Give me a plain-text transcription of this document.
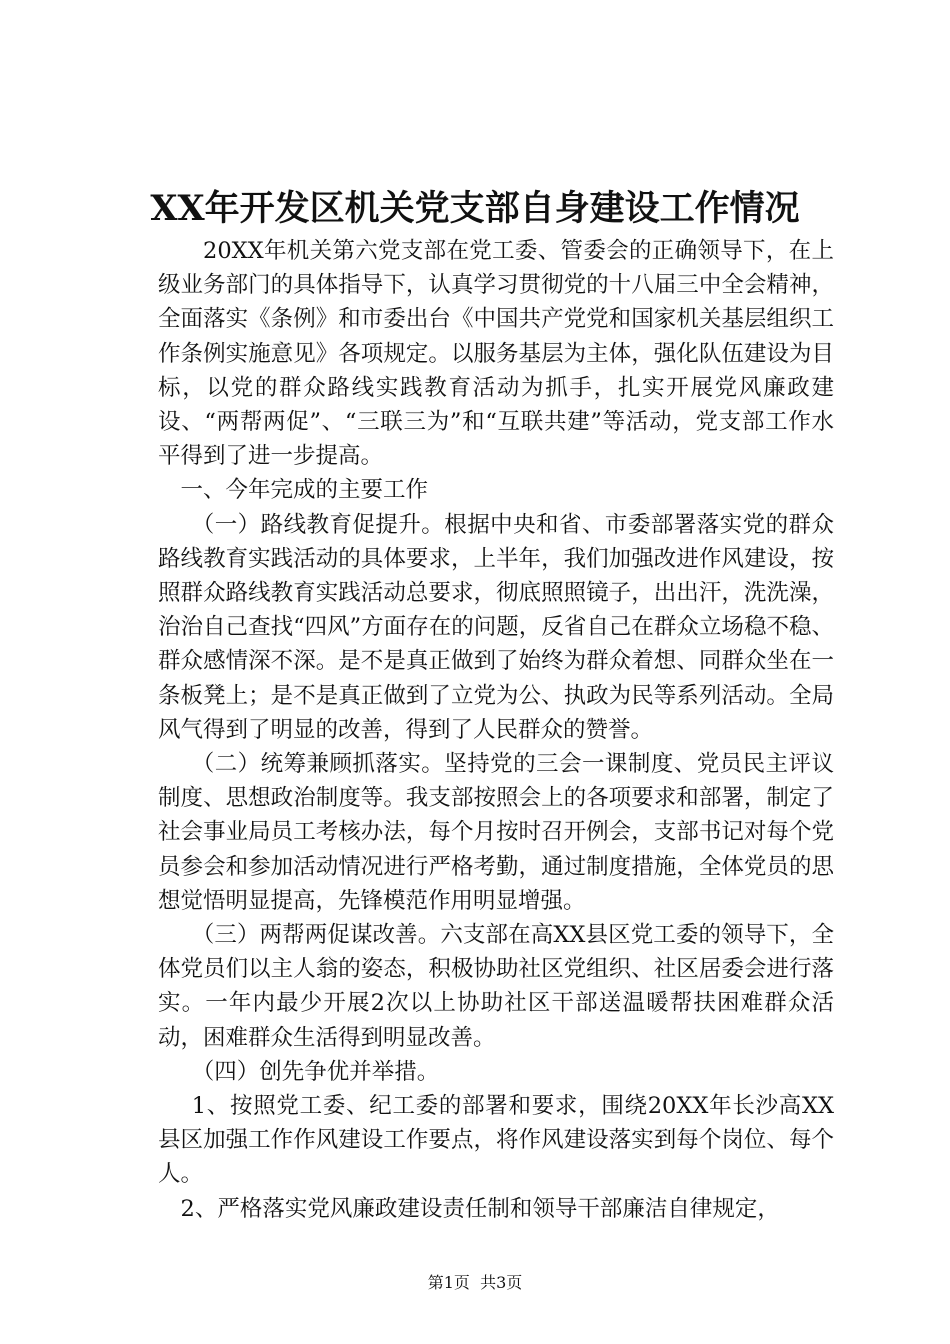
XX年开发区机关党支部自身建设工作情况

20XX年机关第六党支部在党工委、管委会的正确领导下，在上级业务部门的具体指导下，认真学习贯彻党的十八届三中全会精神，全面落实《条例》和市委出台《中国共产党党和国家机关基层组织工作条例实施意见》各项规定。以服务基层为主体，强化队伍建设为目标，以党的群众路线实践教育活动为抓手，扎实开展党风廉政建设、“两帮两促”、“三联三为”和“互联共建”等活动，党支部工作水平得到了进一步提高。

一、今年完成的主要工作

（一）路线教育促提升。根据中央和省、市委部署落实党的群众路线教育实践活动的具体要求，上半年，我们加强改进作风建设，按照群众路线教育实践活动总要求，彻底照照镜子，出出汗，洗洗澡，治治自己查找“四风”方面存在的问题，反省自己在群众立场稳不稳、群众感情深不深。是不是真正做到了始终为群众着想、同群众坐在一条板凳上；是不是真正做到了立党为公、执政为民等系列活动。全局风气得到了明显的改善，得到了人民群众的赞誉。

（二）统筹兼顾抓落实。坚持党的三会一课制度、党员民主评议制度、思想政治制度等。我支部按照会上的各项要求和部署，制定了社会事业局员工考核办法，每个月按时召开例会，支部书记对每个党员参会和参加活动情况进行严格考勤，通过制度措施，全体党员的思想觉悟明显提高，先锋模范作用明显增强。

（三）两帮两促谋改善。六支部在高XX县区党工委的领导下，全体党员们以主人翁的姿态，积极协助社区党组织、社区居委会进行落实。一年内最少开展2次以上协助社区干部送温暖帮扶困难群众活动，困难群众生活得到明显改善。

（四）创先争优并举措。

1、按照党工委、纪工委的部署和要求，围绕20XX年长沙高XX县区加强工作作风建设工作要点，将作风建设落实到每个岗位、每个人。

2、严格落实党风廉政建设责任制和领导干部廉洁自律规定，

第1页  共3页
